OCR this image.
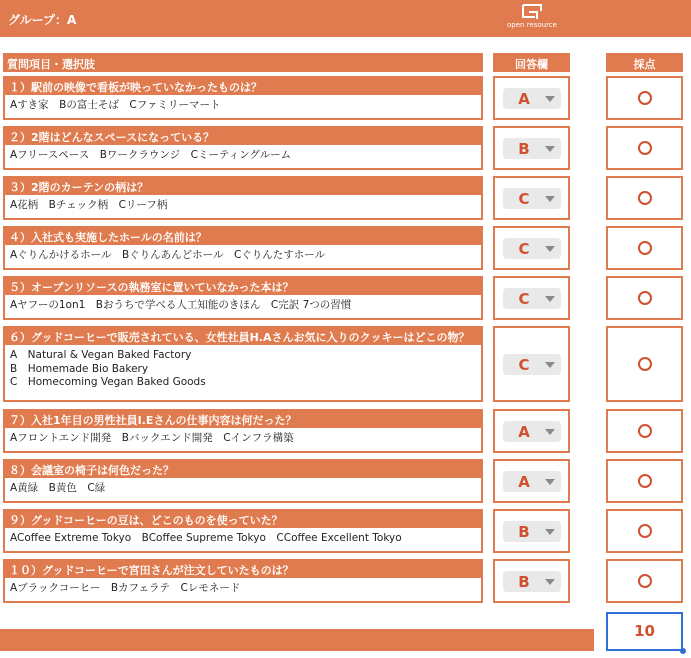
グループ：A	open resource
質問項目・選択肢	回答欄	採点
１）駅前の映像で看板が映っていなかったものは？
Aすき家　Bの富士そば　Cファミリーマート	A
２）2階はどんなスペースになっている？
Aフリースペース　Bワークラウンジ　Cミーティングルーム	B
３）2階のカーテンの柄は？
A花柄　Bチェック柄　Cリーフ柄	C
４）入社式も実施したホールの名前は？
Aぐりんかけるホール　Bぐりんあんどホール　Cぐりんたすホール	C
５）オープンリソースの執務室に置いていなかった本は？
Aヤフーの1on1　Bおうちで学べる人工知能のきほん　C完訳 7つの習慣	C
６）グッドコーヒーで販売されている、女性社員H.Aさんお気に入りのクッキーはどこの物？
A　Natural & Vegan Baked Factory
B　Homemade Bio Bakery
C　Homecoming Vegan Baked Goods
C
７）入社1年目の男性社員I.Eさんの仕事内容は何だった？
Aフロントエンド開発　Bバックエンド開発　Cインフラ構築	A
８）会議室の椅子は何色だった？
A黄緑　B黄色　C緑	A
９）グッドコーヒーの豆は、どこのものを使っていた？
ACoffee Extreme Tokyo　BCoffee Supreme Tokyo　CCoffee Excellent Tokyo	B
１０）グッドコーヒーで宮田さんが注文していたものは？
Aブラックコーヒー　Bカフェラテ　Cレモネード	B
10
